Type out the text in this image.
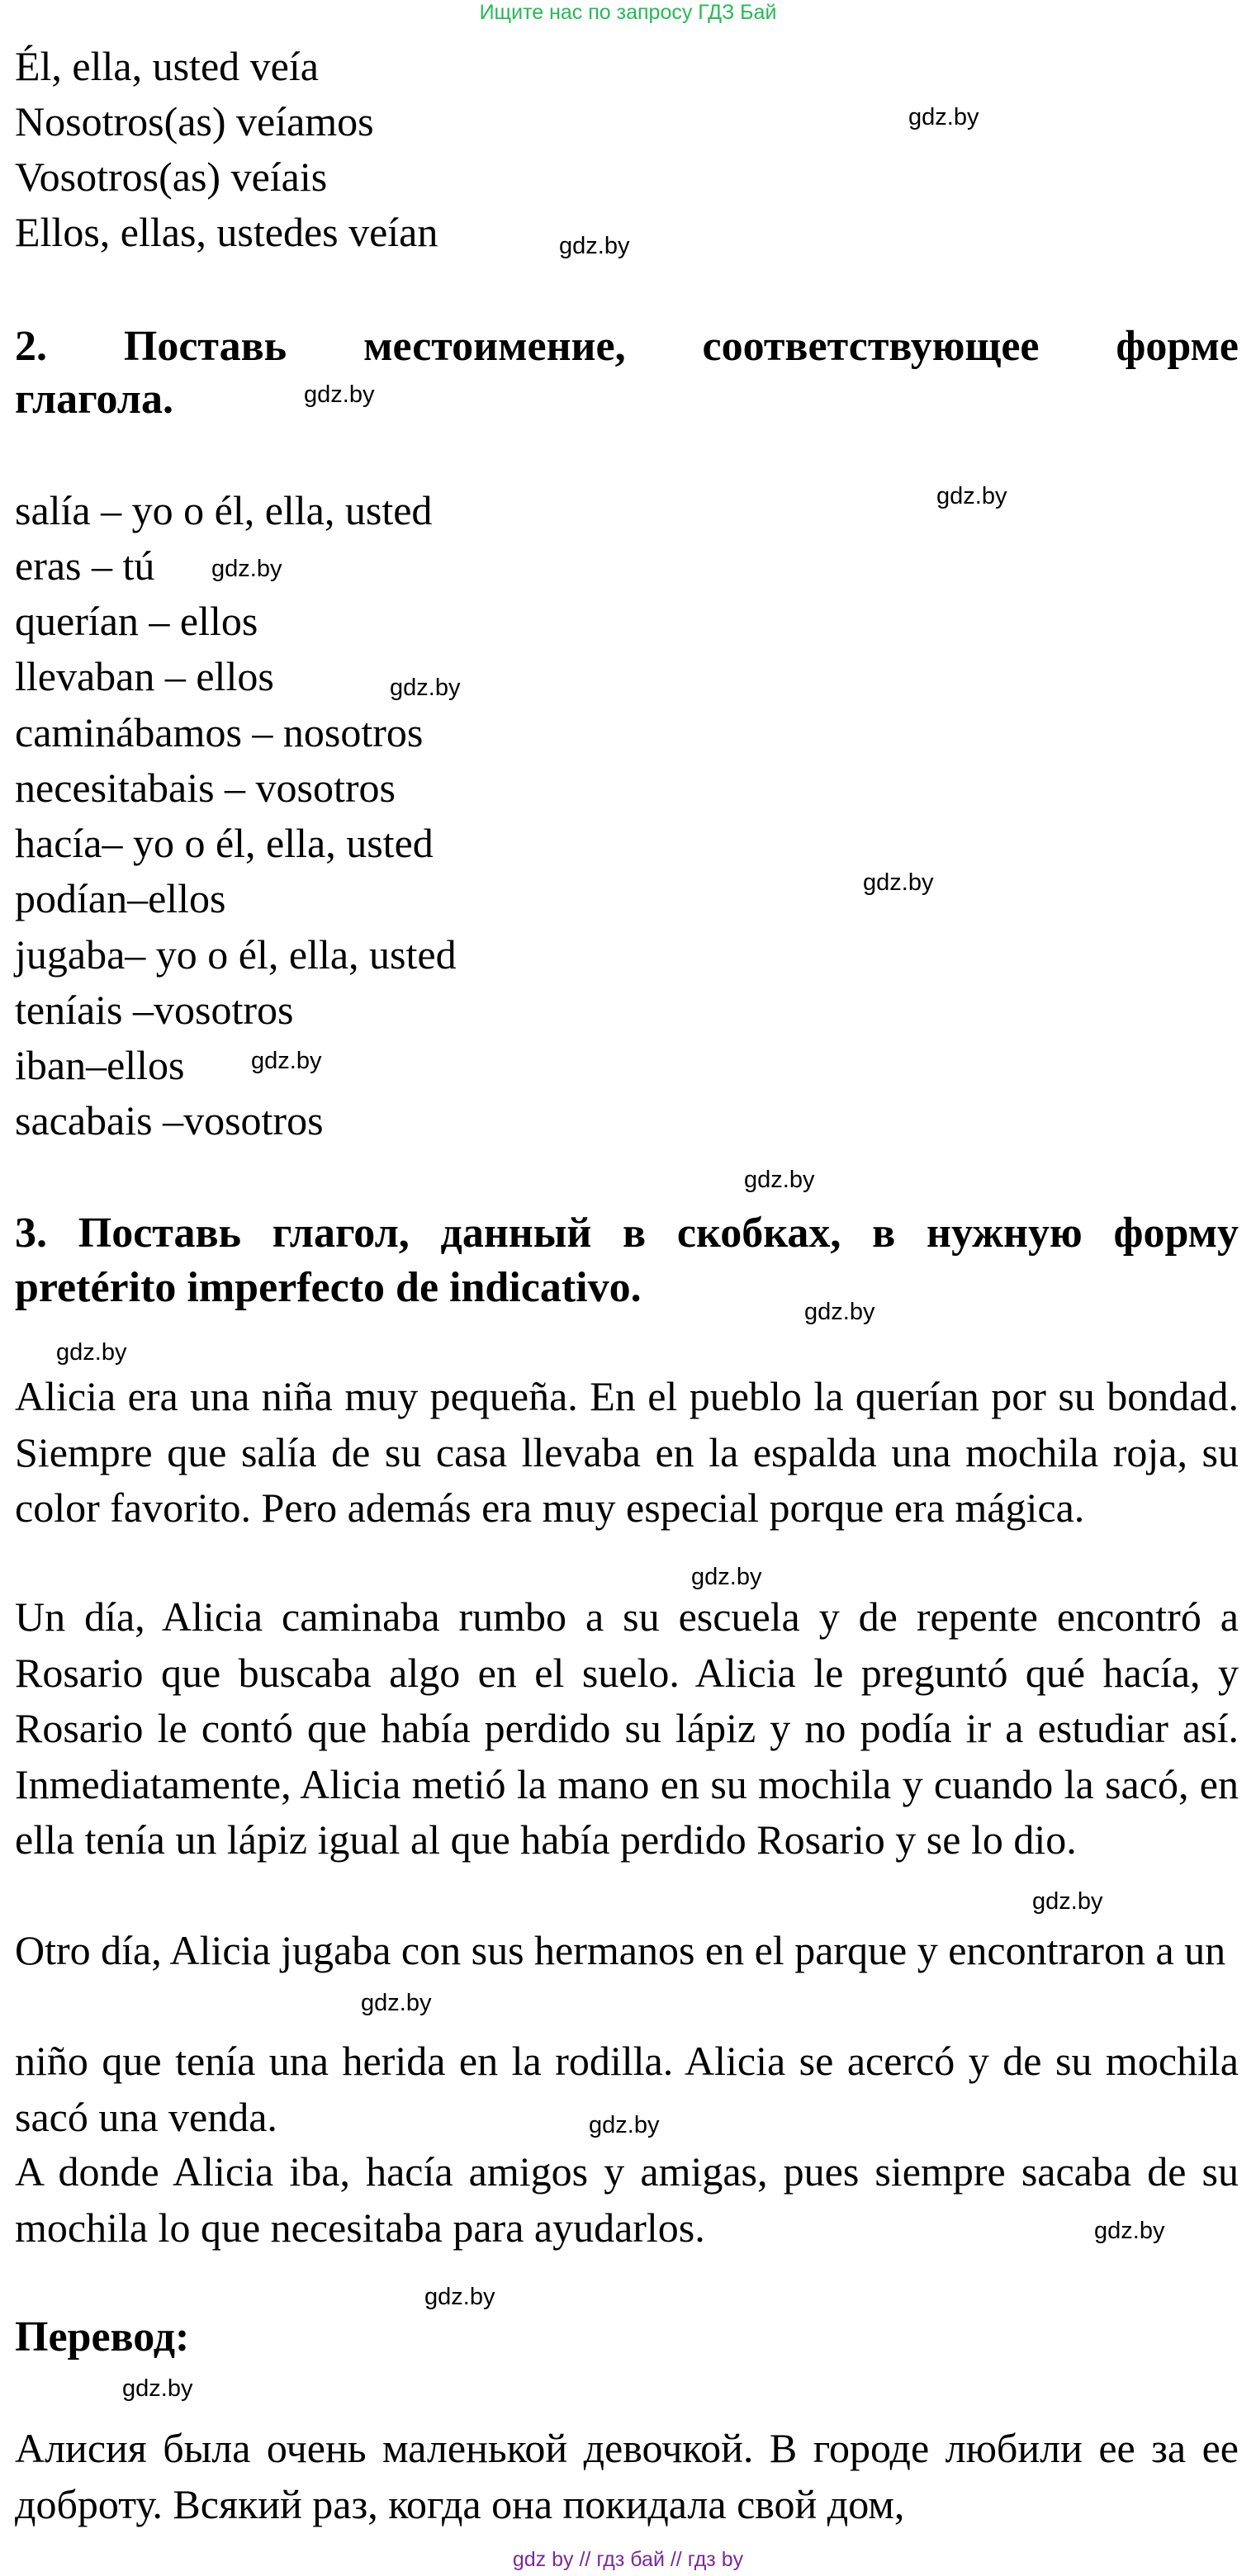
Ищите нас по запросу ГДЗ Бай
Él, ella, usted veía
Nosotros(as) veíamos
Vosotros(as) veíais
Ellos, ellas, ustedes veían
2. Поставь местоимение, соответствующее форме
глагола.
salía – yo o él, ella, usted
eras – tú
querían – ellos
llevaban – ellos
caminábamos – nosotros
necesitabais – vosotros
hacía– yo o él, ella, usted
podían–ellos
jugaba– yo o él, ella, usted
teníais –vosotros
iban–ellos
sacabais –vosotros
3. Поставь глагол, данный в скобках, в нужную форму
pretérito imperfecto de indicativo.
Alicia era una niña muy pequeña. En el pueblo la querían por su bondad. Siempre que salía de su casa llevaba en la espalda una mochila roja, su color favorito. Pero además era muy especial porque era mágica.
Un día, Alicia caminaba rumbo a su escuela y de repente encontró a Rosario que buscaba algo en el suelo. Alicia le preguntó qué hacía, y Rosario le contó que había perdido su lápiz y no podía ir a estudiar así. Inmediatamente, Alicia metió la mano en su mochila y cuando la sacó, en ella tenía un lápiz igual al que había perdido Rosario y se lo dio.
Otro día, Alicia jugaba con sus hermanos en el parque y encontraron a un
niño que tenía una herida en la rodilla. Alicia se acercó y de su mochila sacó una venda.
A donde Alicia iba, hacía amigos y amigas, pues siempre sacaba de su mochila lo que necesitaba para ayudarlos.
Перевод:
Алисия была очень маленькой девочкой. В городе любили ее за ее доброту. Всякий раз, когда она покидала свой дом,
gdz.by
gdz.by
gdz.by
gdz.by
gdz.by
gdz.by
gdz.by
gdz.by
gdz.by
gdz.by
gdz.by
gdz.by
gdz.by
gdz.by
gdz.by
gdz.by
gdz.by
gdz.by
gdz by // гдз бай // гдз by
